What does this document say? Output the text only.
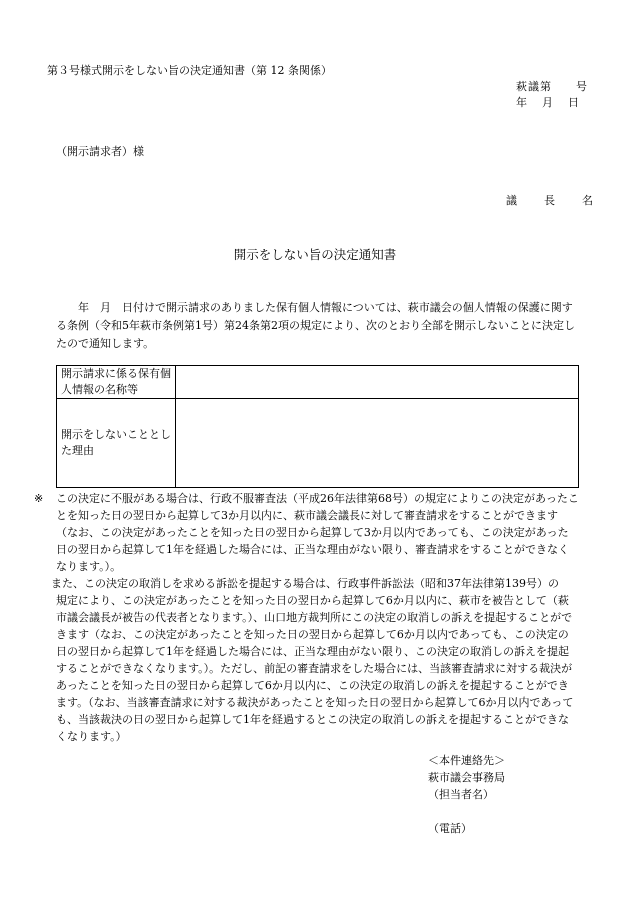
第３号様式開示をしない旨の決定通知書（第 12 条関係）
萩議第　　号
年　月　日
（開示請求者）様
議　長　名
開示をしない旨の決定通知書

　　年　月　日付けで開示請求のありました保有個人情報については、萩市議会の個人情報の保護に関する条例（令和5年萩市条例第1号）第24条第2項の規定により、次のとおり全部を開示しないことに決定したので通知します。

開示請求に係る保有個人情報の名称等	
開示をしないこととした理由	

※ この決定に不服がある場合は、行政不服審査法（平成26年法律第68号）の規定によりこの決定があったことを知った日の翌日から起算して3か月以内に、萩市議会議長に対して審査請求をすることができます（なお、この決定があったことを知った日の翌日から起算して3か月以内であっても、この決定があった日の翌日から起算して1年を経過した場合には、正当な理由がない限り、審査請求をすることができなくなります。）。

また、この決定の取消しを求める訴訟を提起する場合は、行政事件訴訟法（昭和37年法律第139号）の

規定により、この決定があったことを知った日の翌日から起算して6か月以内に、萩市を被告として（萩市議会議長が被告の代表者となります。）、山口地方裁判所にこの決定の取消しの訴えを提起することができます（なお、この決定があったことを知った日の翌日から起算して6か月以内であっても、この決定の日の翌日から起算して1年を経過した場合には、正当な理由がない限り、この決定の取消しの訴えを提起することができなくなります。）。ただし、前記の審査請求をした場合には、当該審査請求に対する裁決があったことを知った日の翌日から起算して6か月以内に、この決定の取消しの訴えを提起することができます。（なお、当該審査請求に対する裁決があったことを知った日の翌日から起算して6か月以内であっても、当該裁決の日の翌日から起算して1年を経過するとこの決定の取消しの訴えを提起することができなくなります。）

＜本件連絡先＞
萩市議会事務局
（担当者名）
（電話）
